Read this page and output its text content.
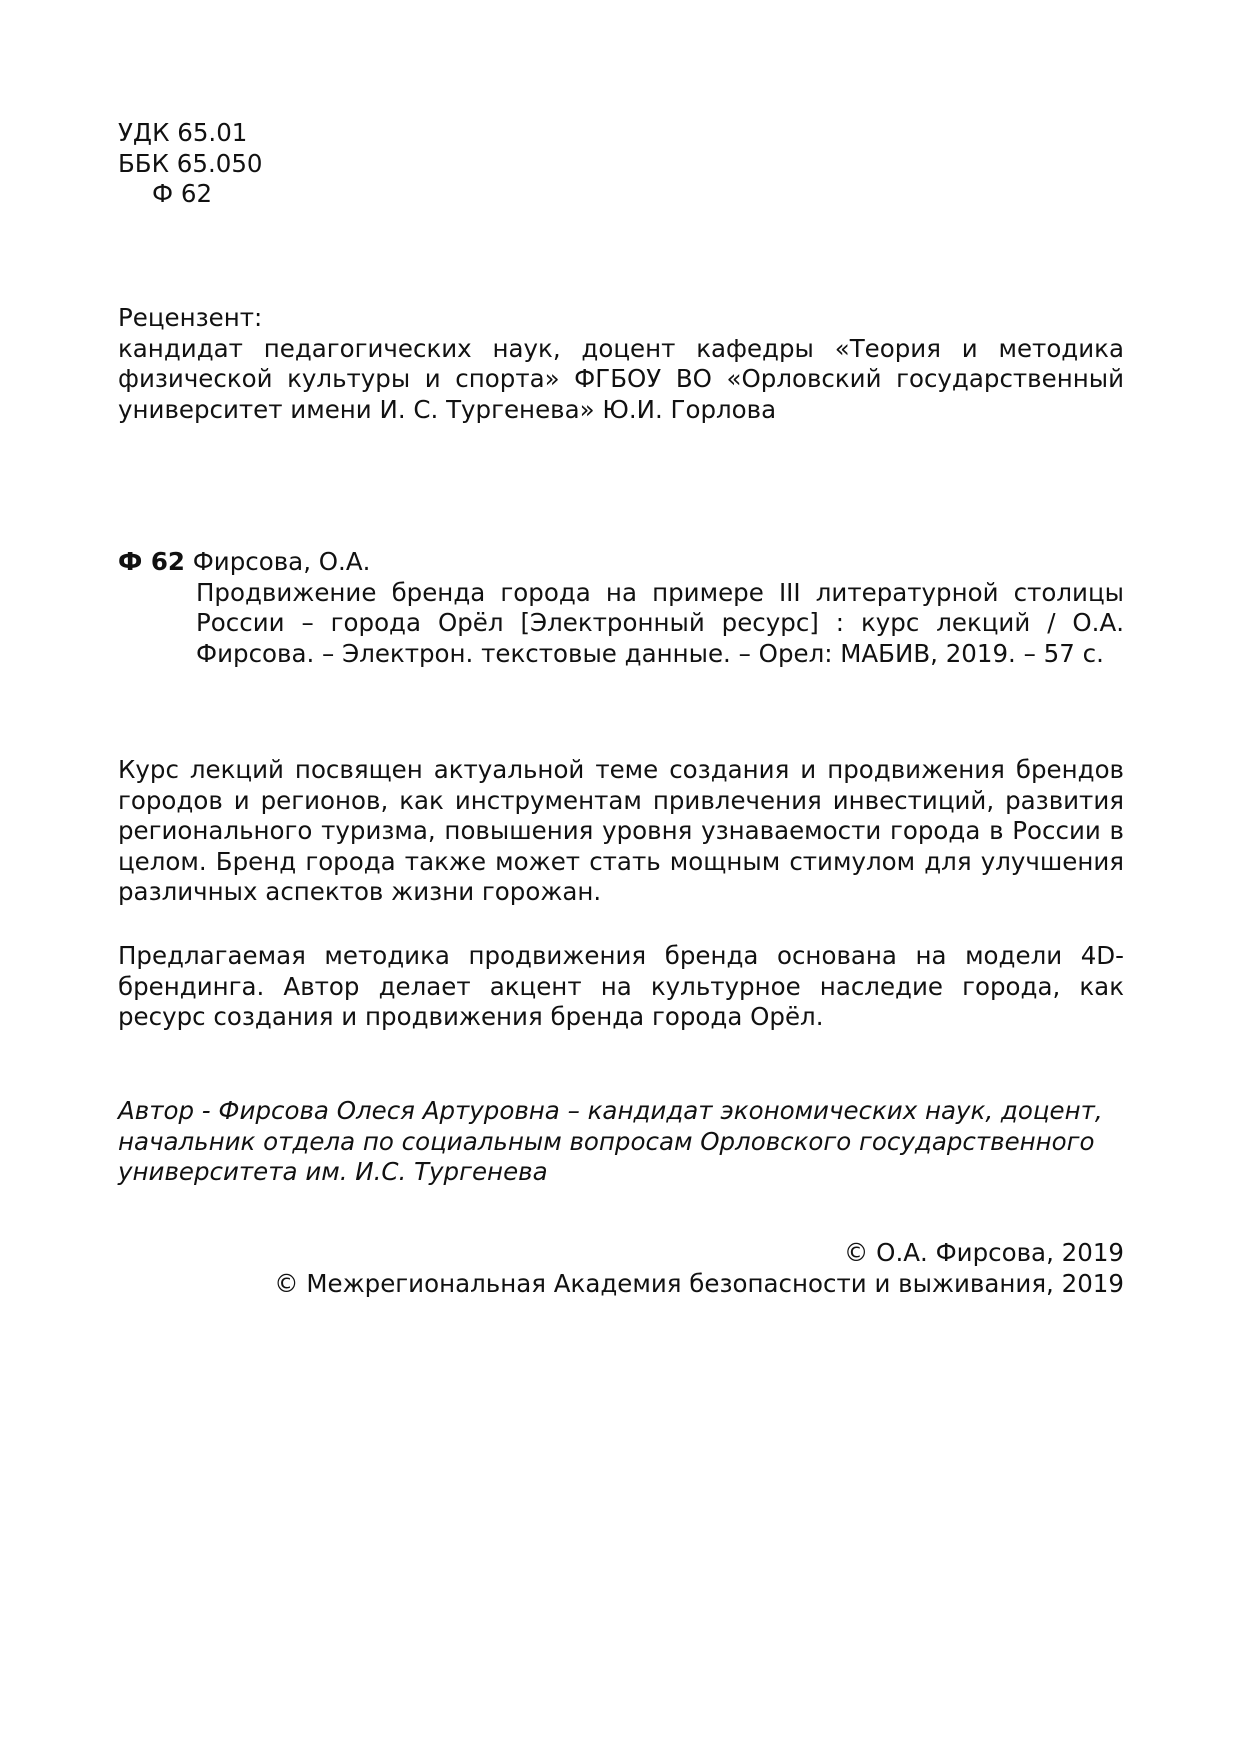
УДК 65.01
ББК 65.050
Ф 62
Рецензент:
кандидат педагогических наук, доцент кафедры «Теория и методика физической культуры и спорта» ФГБОУ ВО «Орловский государственный университет имени И. С. Тургенева» Ю.И. Горлова
Ф 62 Фирсова, О.А.
Продвижение бренда города на примере III литературной столицы России – города Орёл [Электронный ресурс] : курс лекций / О.А. Фирсова. – Электрон. текстовые данные. – Орел: МАБИВ, 2019. – 57 с.
Курс лекций посвящен актуальной теме создания и продвижения брендов городов и регионов, как инструментам привлечения инвестиций, развития регионального туризма, повышения уровня узнаваемости города в России в целом. Бренд города также может стать мощным стимулом для улучшения различных аспектов жизни горожан.
Предлагаемая методика продвижения бренда основана на модели 4D-брендинга. Автор делает акцент на культурное наследие города, как ресурс создания и продвижения бренда города Орёл.
Автор - Фирсова Олеся Артуровна – кандидат экономических наук, доцент, начальник отдела по социальным вопросам Орловского государственного университета им. И.С. Тургенева
© О.А. Фирсова, 2019
© Межрегиональная Академия безопасности и выживания, 2019
